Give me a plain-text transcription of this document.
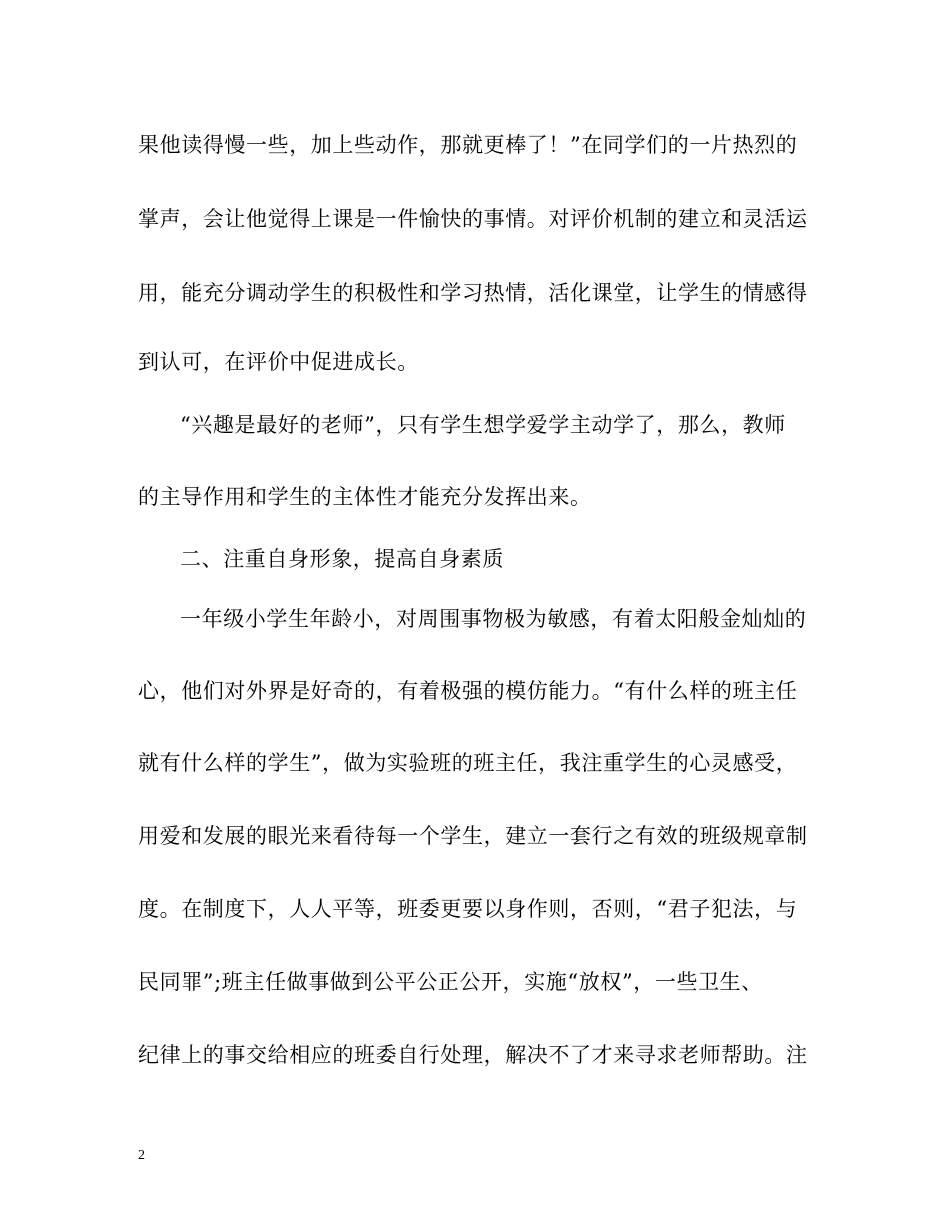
果他读得慢一些，加上些动作，那就更棒了！”在同学们的一片热烈的
掌声，会让他觉得上课是一件愉快的事情。对评价机制的建立和灵活运
用，能充分调动学生的积极性和学习热情，活化课堂，让学生的情感得
到认可，在评价中促进成长。
“兴趣是最好的老师”，只有学生想学爱学主动学了，那么，教师
的主导作用和学生的主体性才能充分发挥出来。
二、注重自身形象，提高自身素质
一年级小学生年龄小，对周围事物极为敏感，有着太阳般金灿灿的
心，他们对外界是好奇的，有着极强的模仿能力。“有什么样的班主任
就有什么样的学生”，做为实验班的班主任，我注重学生的心灵感受，
用爱和发展的眼光来看待每一个学生，建立一套行之有效的班级规章制
度。在制度下，人人平等，班委更要以身作则，否则，“君子犯法，与
民同罪”;班主任做事做到公平公正公开，实施“放权”，一些卫生、
纪律上的事交给相应的班委自行处理，解决不了才来寻求老师帮助。注
2
